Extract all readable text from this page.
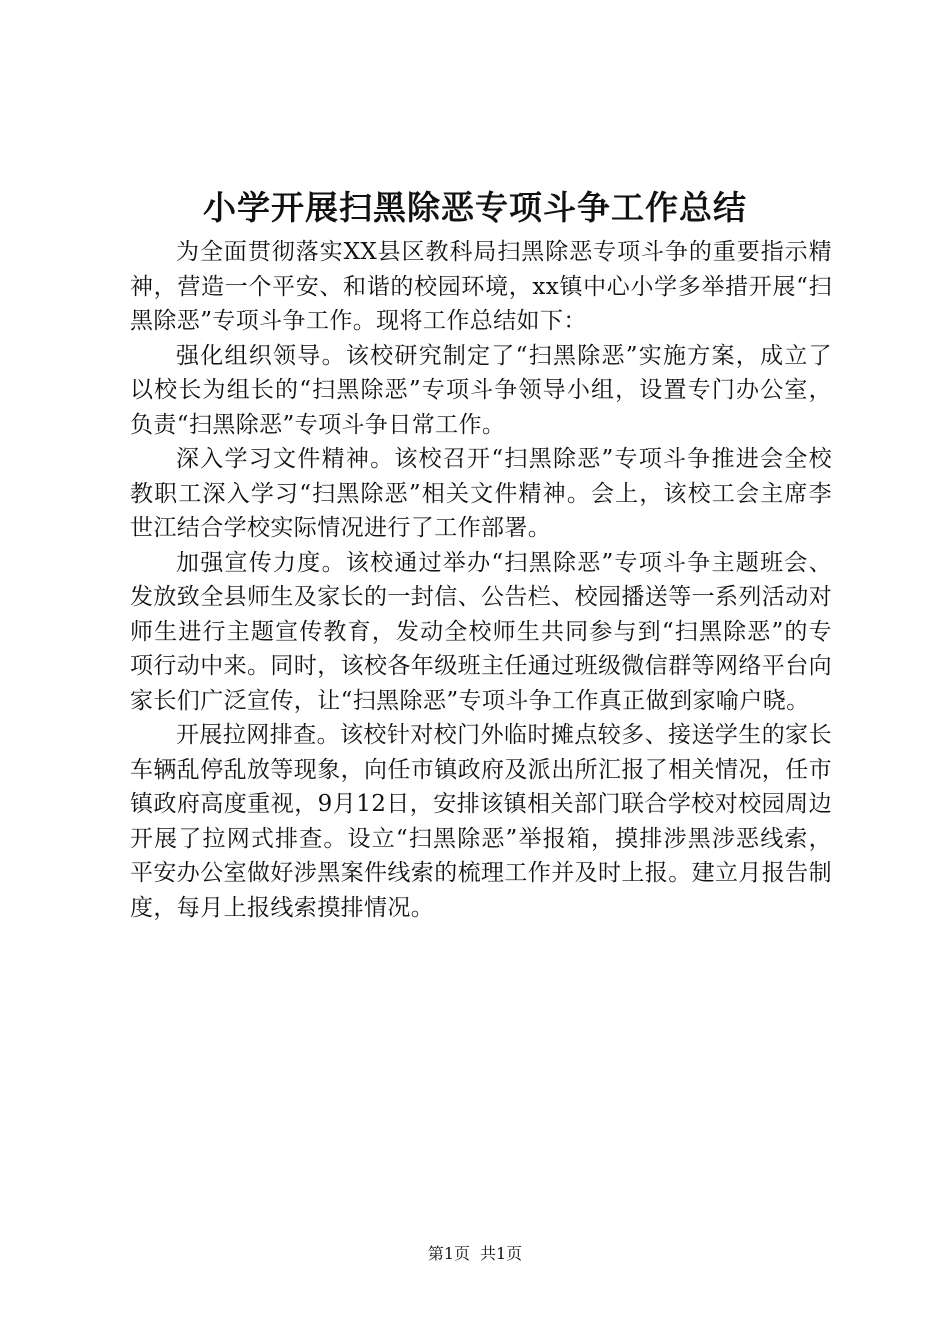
小学开展扫黑除恶专项斗争工作总结

为全面贯彻落实XX县区教科局扫黑除恶专项斗争的重要指示精神，营造一个平安、和谐的校园环境，xx镇中心小学多举措开展“扫黑除恶”专项斗争工作。现将工作总结如下：

强化组织领导。该校研究制定了“扫黑除恶”实施方案，成立了以校长为组长的“扫黑除恶”专项斗争领导小组，设置专门办公室，负责“扫黑除恶”专项斗争日常工作。

深入学习文件精神。该校召开“扫黑除恶”专项斗争推进会全校教职工深入学习“扫黑除恶”相关文件精神。会上，该校工会主席李世江结合学校实际情况进行了工作部署。

加强宣传力度。该校通过举办“扫黑除恶”专项斗争主题班会、发放致全县师生及家长的一封信、公告栏、校园播送等一系列活动对师生进行主题宣传教育，发动全校师生共同参与到“扫黑除恶”的专项行动中来。同时，该校各年级班主任通过班级微信群等网络平台向家长们广泛宣传，让“扫黑除恶”专项斗争工作真正做到家喻户晓。

开展拉网排查。该校针对校门外临时摊点较多、接送学生的家长车辆乱停乱放等现象，向任市镇政府及派出所汇报了相关情况，任市镇政府高度重视，9月12日，安排该镇相关部门联合学校对校园周边开展了拉网式排查。设立“扫黑除恶”举报箱，摸排涉黑涉恶线索，平安办公室做好涉黑案件线索的梳理工作并及时上报。建立月报告制度，每月上报线索摸排情况。

第1页 共1页
